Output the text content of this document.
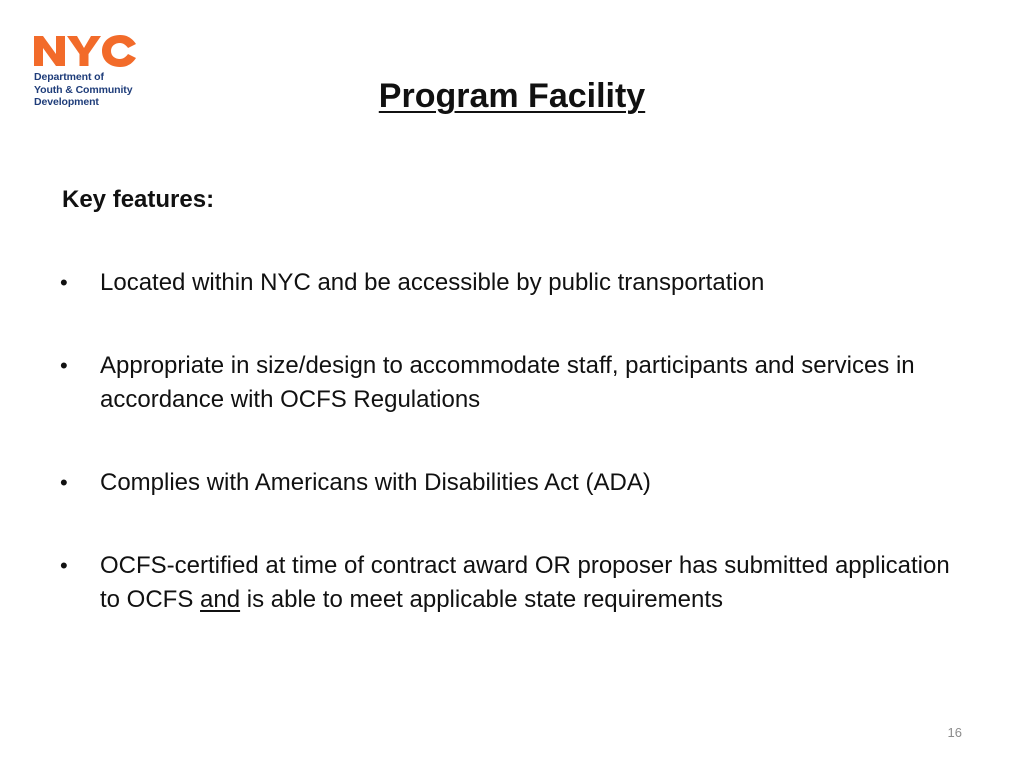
Department of
Youth & Community
Development	Program Facility

Key features:

•	Located within NYC and be accessible by public transportation
•	Appropriate in size/design to accommodate staff, participants and services in accordance with OCFS Regulations
•	Complies with Americans with Disabilities Act (ADA)
•	OCFS-certified at time of contract award OR proposer has submitted application to OCFS and is able to meet applicable state requirements
16
